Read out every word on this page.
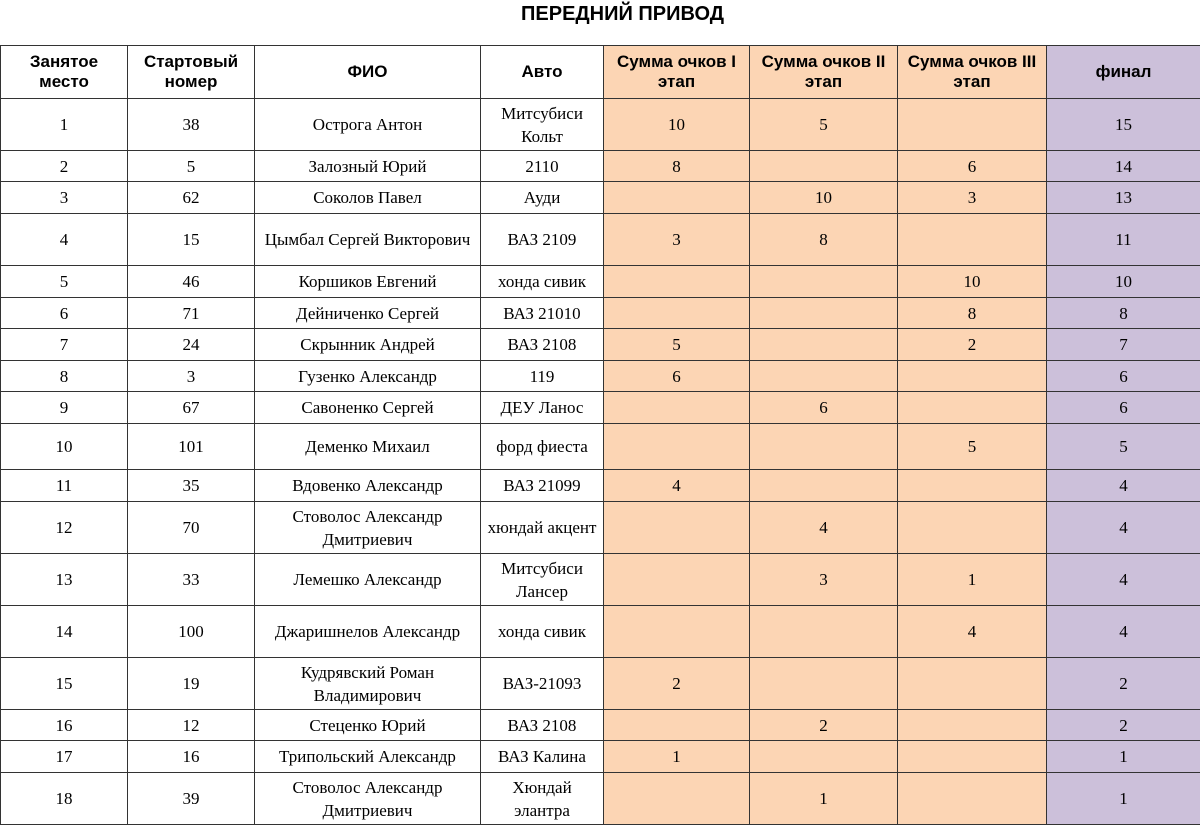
ПЕРЕДНИЙ ПРИВОД
Занятое место	Стартовый номер	ФИО	Авто	Сумма очков I этап	Сумма очков II этап	Сумма очков III этап	финал
1	38	Острога Антон	Митсубиси Кольт	10	5		15
2	5	Залозный Юрий	2110	8		6	14
3	62	Соколов Павел	Ауди		10	3	13
4	15	Цымбал Сергей Викторович	ВАЗ 2109	3	8		11
5	46	Коршиков Евгений	хонда сивик			10	10
6	71	Дейниченко Сергей	ВАЗ 21010			8	8
7	24	Скрынник Андрей	ВАЗ 2108	5		2	7
8	3	Гузенко Александр	119	6			6
9	67	Савоненко Сергей	ДЕУ Ланос		6		6
10	101	Деменко Михаил	форд фиеста			5	5
11	35	Вдовенко Александр	ВАЗ 21099	4			4
12	70	Стоволос Александр Дмитриевич	хюндай акцент		4		4
13	33	Лемешко Александр	Митсубиси Лансер		3	1	4
14	100	Джаришнелов Александр	хонда сивик			4	4
15	19	Кудрявский Роман Владимирович	ВАЗ-21093	2			2
16	12	Стеценко Юрий	ВАЗ 2108		2		2
17	16	Трипольский Александр	ВАЗ Калина	1			1
18	39	Стоволос Александр Дмитриевич	Хюндай элантра		1		1
